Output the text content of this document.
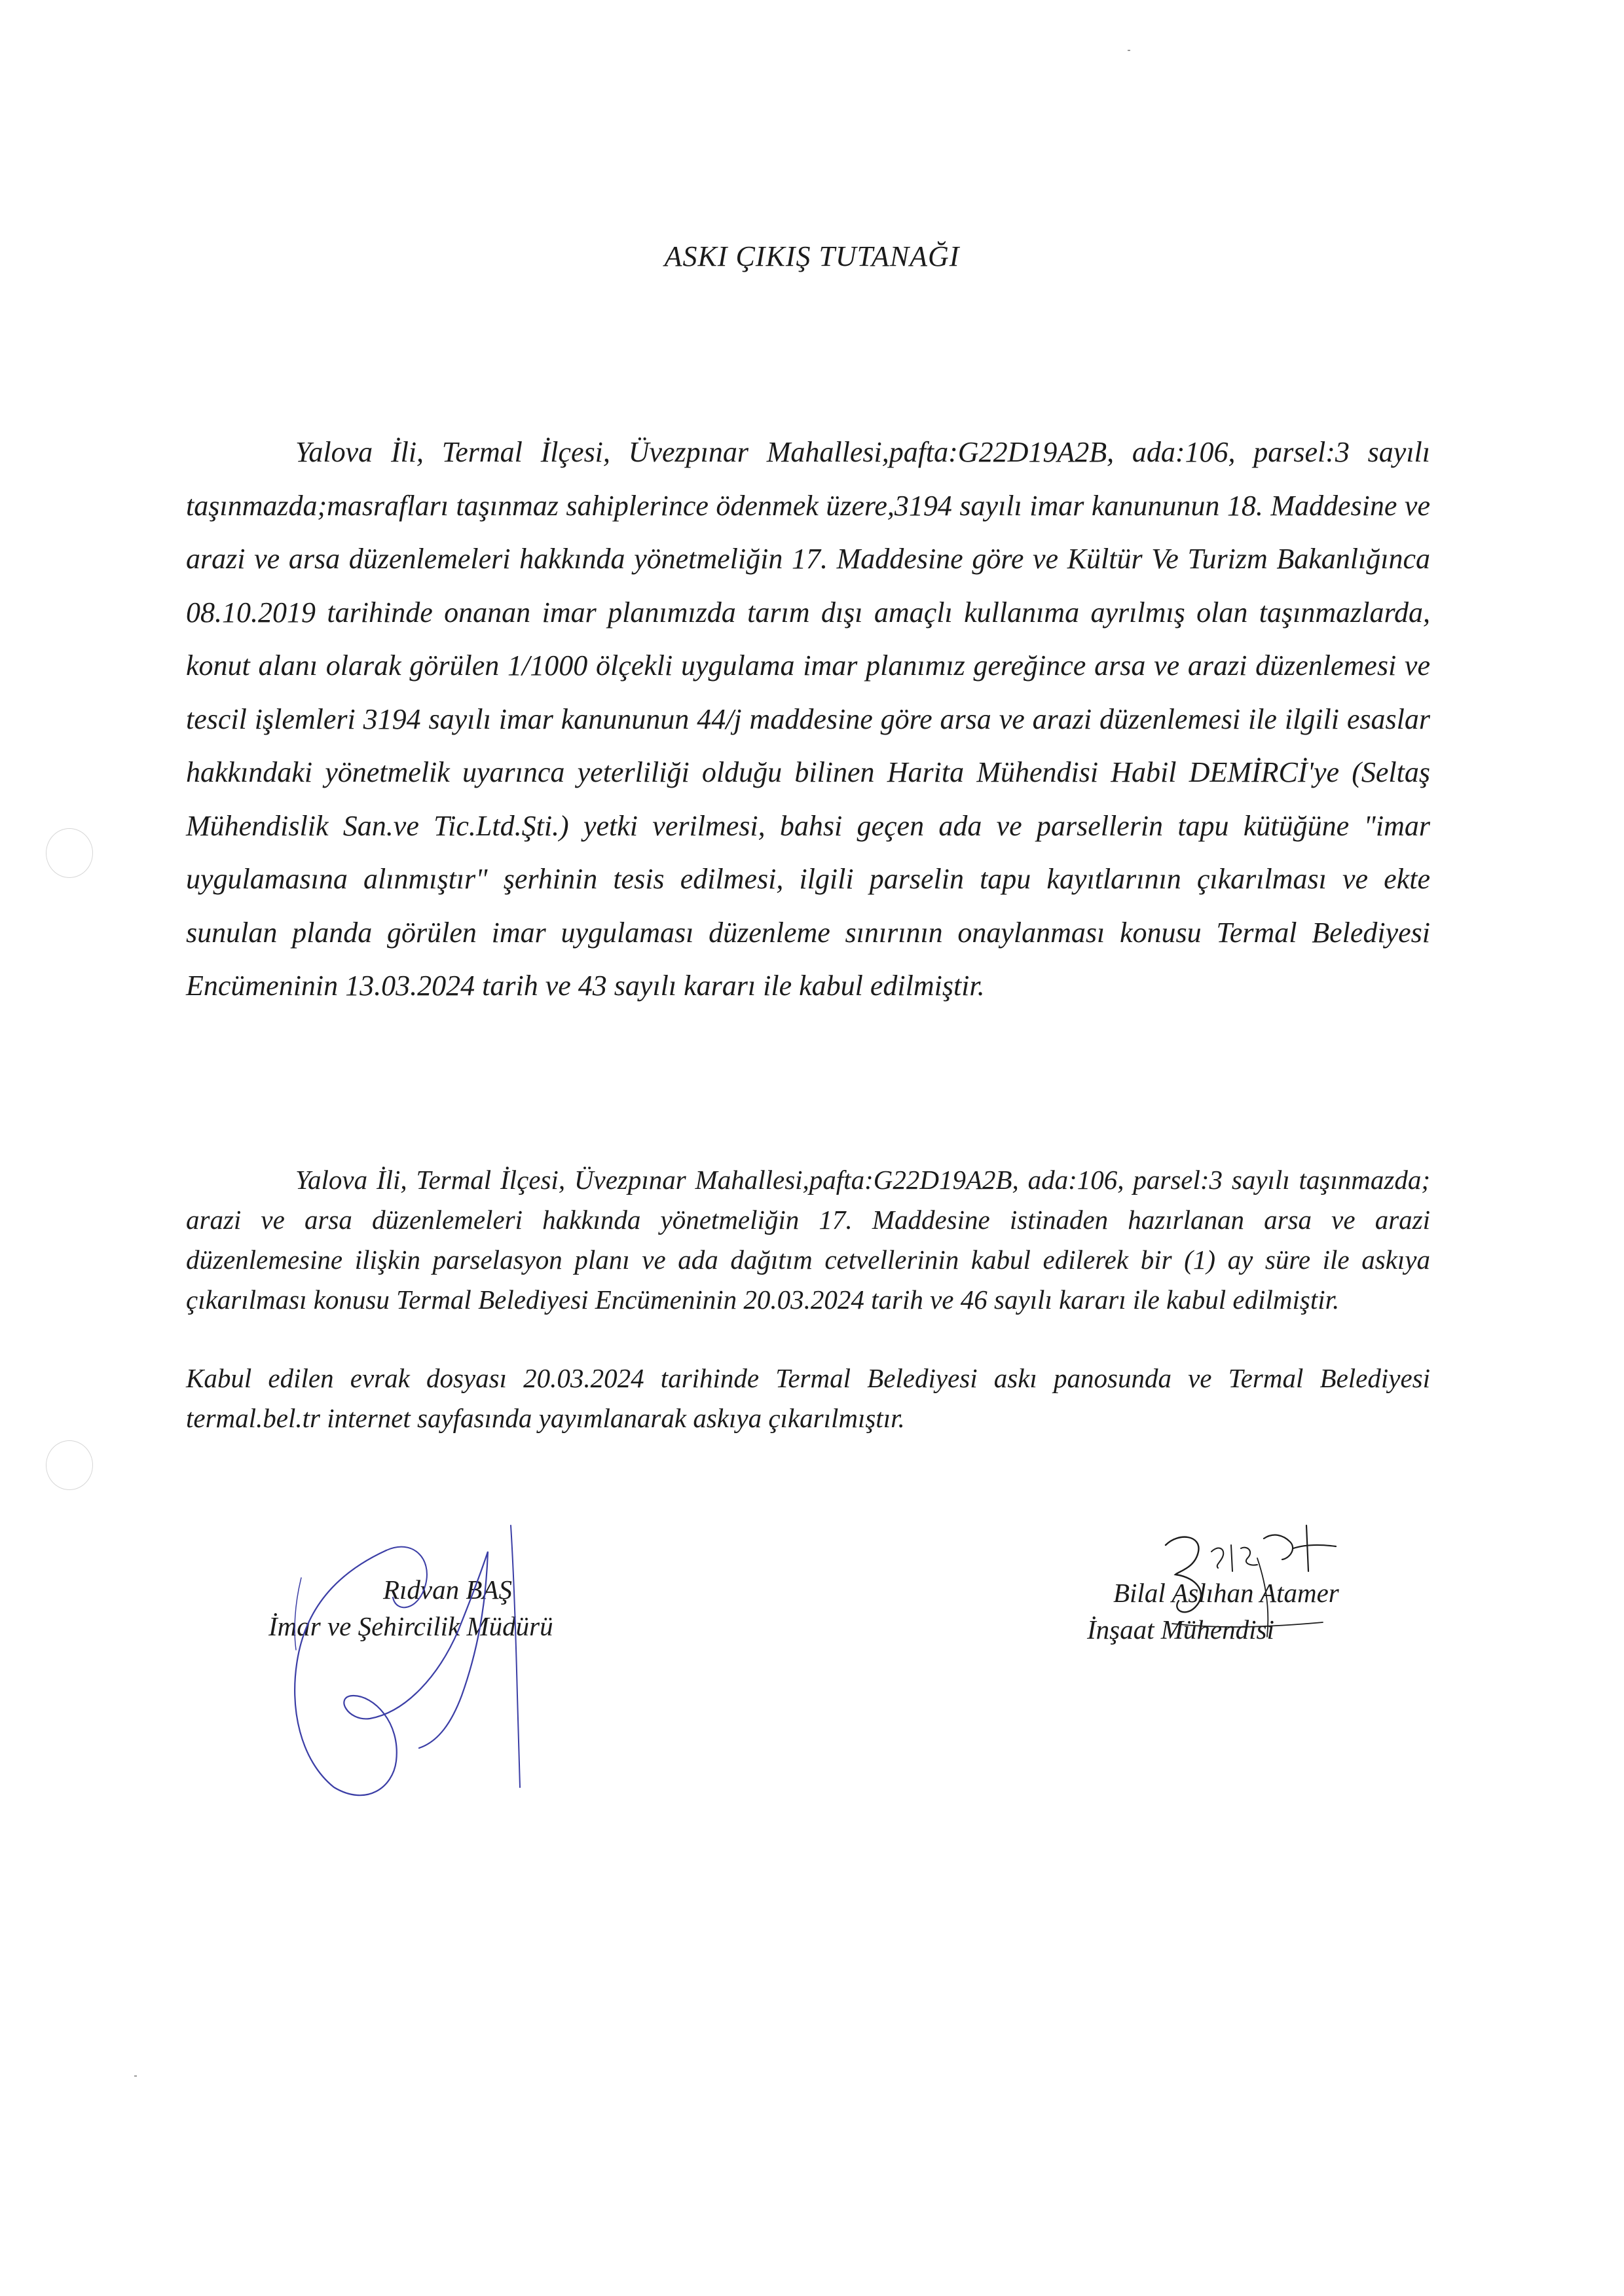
ASKI ÇIKIŞ TUTANAĞI

Yalova İli, Termal İlçesi, Üvezpınar Mahallesi,pafta:G22D19A2B, ada:106, parsel:3 sayılı taşınmazda;masrafları taşınmaz sahiplerince ödenmek üzere,3194 sayılı imar kanununun 18. Maddesine ve arazi ve arsa düzenlemeleri hakkında yönetmeliğin 17. Maddesine göre ve Kültür Ve Turizm Bakanlığınca 08.10.2019 tarihinde onanan imar planımızda tarım dışı amaçlı kullanıma ayrılmış olan taşınmazlarda, konut alanı olarak görülen 1/1000 ölçekli uygulama imar planımız gereğince arsa ve arazi düzenlemesi ve tescil işlemleri 3194 sayılı imar kanununun 44/j maddesine göre arsa ve arazi düzenlemesi ile ilgili esaslar hakkındaki yönetmelik uyarınca yeterliliği olduğu bilinen Harita Mühendisi Habil DEMİRCİ'ye (Seltaş Mühendislik San.ve Tic.Ltd.Şti.) yetki verilmesi, bahsi geçen ada ve parsellerin tapu kütüğüne "imar uygulamasına alınmıştır" şerhinin tesis edilmesi, ilgili parselin tapu kayıtlarının çıkarılması ve ekte sunulan planda görülen imar uygulaması düzenleme sınırının onaylanması konusu Termal Belediyesi Encümeninin 13.03.2024 tarih ve 43 sayılı kararı ile kabul edilmiştir.

Yalova İli, Termal İlçesi, Üvezpınar Mahallesi,pafta:G22D19A2B, ada:106, parsel:3 sayılı taşınmazda; arazi ve arsa düzenlemeleri hakkında yönetmeliğin 17. Maddesine istinaden hazırlanan arsa ve arazi düzenlemesine ilişkin parselasyon planı ve ada dağıtım cetvellerinin kabul edilerek bir (1) ay süre ile askıya çıkarılması konusu Termal Belediyesi Encümeninin 20.03.2024 tarih ve 46 sayılı kararı ile kabul edilmiştir.

Kabul edilen evrak dosyası 20.03.2024 tarihinde Termal Belediyesi askı panosunda ve Termal Belediyesi termal.bel.tr internet sayfasında yayımlanarak askıya çıkarılmıştır.

Rıdvan BAŞ
İmar ve Şehircilik Müdürü
Bilal Aslıhan Atamer
İnşaat Mühendisi
